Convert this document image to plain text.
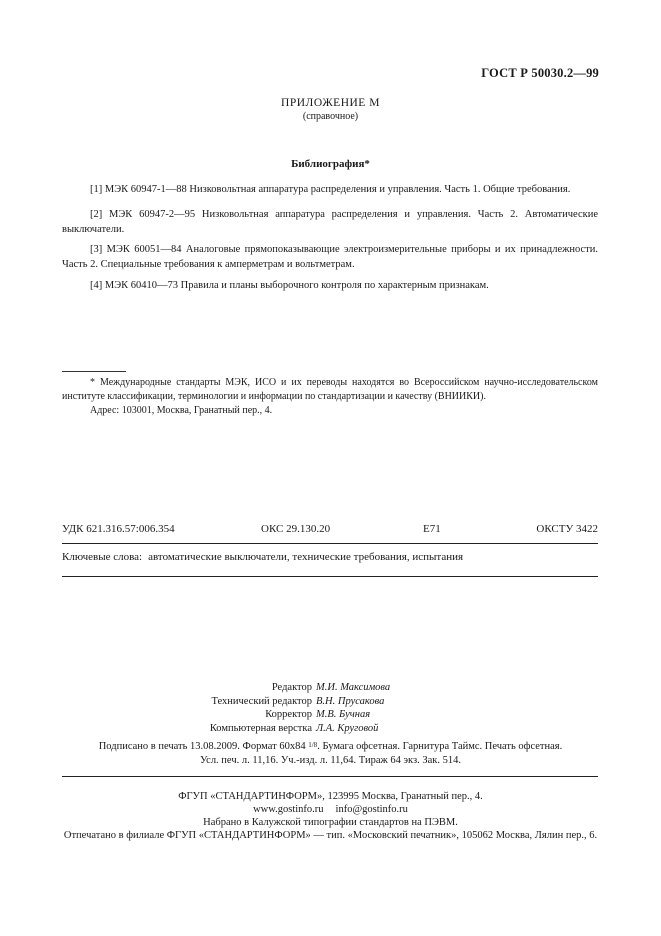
ГОСТ Р 50030.2—99
ПРИЛОЖЕНИЕ М
(справочное)
Библиография*

[1] МЭК 60947-1—88 Низковольтная аппаратура распределения и управления. Часть 1. Общие требования.

[2] МЭК 60947-2—95 Низковольтная аппаратура распределения и управления. Часть 2. Автоматические выключатели.

[3] МЭК 60051—84 Аналоговые прямопоказывающие электроизмерительные приборы и их принадлежности. Часть 2. Специальные требования к амперметрам и вольтметрам.

[4] МЭК 60410—73 Правила и планы выборочного контроля по характерным признакам.

* Международные стандарты МЭК, ИСО и их переводы находятся во Всероссийском научно-исследовательском институте классификации, терминологии и информации по стандартизации и качеству (ВНИИКИ).

Адрес: 103001, Москва, Гранатный пер., 4.
УДК 621.316.57:006.354	ОКС 29.130.20	Е71	ОКСТУ 3422
Ключевые слова: автоматические выключатели, технические требования, испытания
Редактор М.И. Максимова
Технический редактор В.Н. Прусакова
Корректор М.В. Бучная
Компьютерная верстка Л.А. Круговой
Подписано в печать 13.08.2009. Формат 60х84 1/8. Бумага офсетная. Гарнитура Таймс. Печать офсетная.
Усл. печ. л. 11,16. Уч.-изд. л. 11,64. Тираж 64 экз. Зак. 514.
ФГУП «СТАНДАРТИНФОРМ», 123995 Москва, Гранатный пер., 4.
www.gostinfo.ru info@gostinfo.ru
Набрано в Калужской типографии стандартов на ПЭВМ.
Отпечатано в филиале ФГУП «СТАНДАРТИНФОРМ» — тип. «Московский печатник», 105062 Москва, Лялин пер., 6.
